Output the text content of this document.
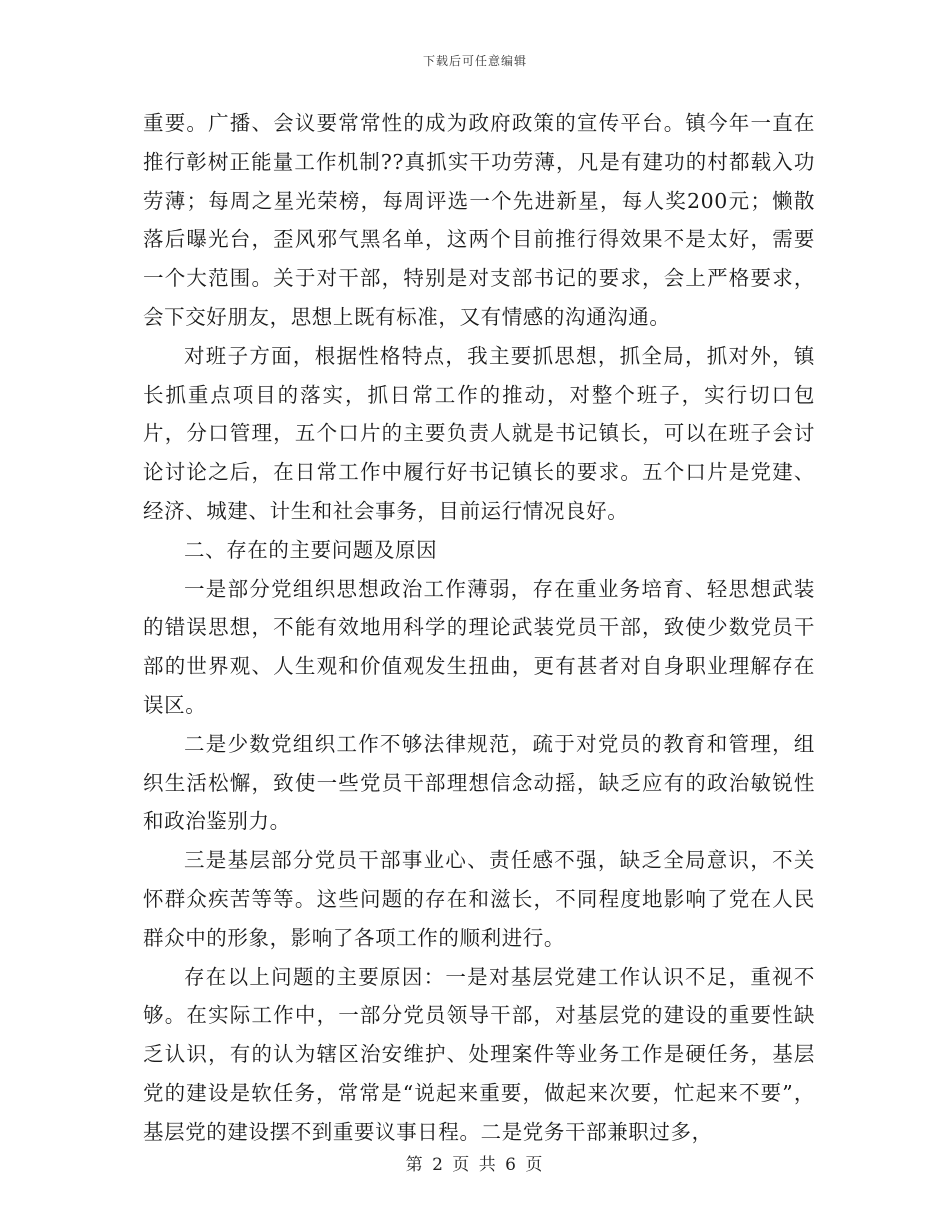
下载后可任意编辑

重要。广播、会议要常常性的成为政府政策的宣传平台。镇今年一直在推行彰树正能量工作机制??真抓实干功劳薄，凡是有建功的村都载入功劳薄；每周之星光荣榜，每周评选一个先进新星，每人奖200元；懒散落后曝光台，歪风邪气黑名单，这两个目前推行得效果不是太好，需要一个大范围。关于对干部，特别是对支部书记的要求，会上严格要求，会下交好朋友，思想上既有标准，又有情感的沟通沟通。

对班子方面，根据性格特点，我主要抓思想，抓全局，抓对外，镇长抓重点项目的落实，抓日常工作的推动，对整个班子，实行切口包片，分口管理，五个口片的主要负责人就是书记镇长，可以在班子会讨论讨论之后，在日常工作中履行好书记镇长的要求。五个口片是党建、经济、城建、计生和社会事务，目前运行情况良好。

二、存在的主要问题及原因

一是部分党组织思想政治工作薄弱，存在重业务培育、轻思想武装的错误思想，不能有效地用科学的理论武装党员干部，致使少数党员干部的世界观、人生观和价值观发生扭曲，更有甚者对自身职业理解存在误区。

二是少数党组织工作不够法律规范，疏于对党员的教育和管理，组织生活松懈，致使一些党员干部理想信念动摇，缺乏应有的政治敏锐性和政治鉴别力。

三是基层部分党员干部事业心、责任感不强，缺乏全局意识，不关怀群众疾苦等等。这些问题的存在和滋长，不同程度地影响了党在人民群众中的形象，影响了各项工作的顺利进行。

存在以上问题的主要原因：一是对基层党建工作认识不足，重视不够。在实际工作中，一部分党员领导干部，对基层党的建设的重要性缺乏认识，有的认为辖区治安维护、处理案件等业务工作是硬任务，基层党的建设是软任务，常常是“说起来重要，做起来次要，忙起来不要”，基层党的建设摆不到重要议事日程。二是党务干部兼职过多，

第 2 页 共 6 页
